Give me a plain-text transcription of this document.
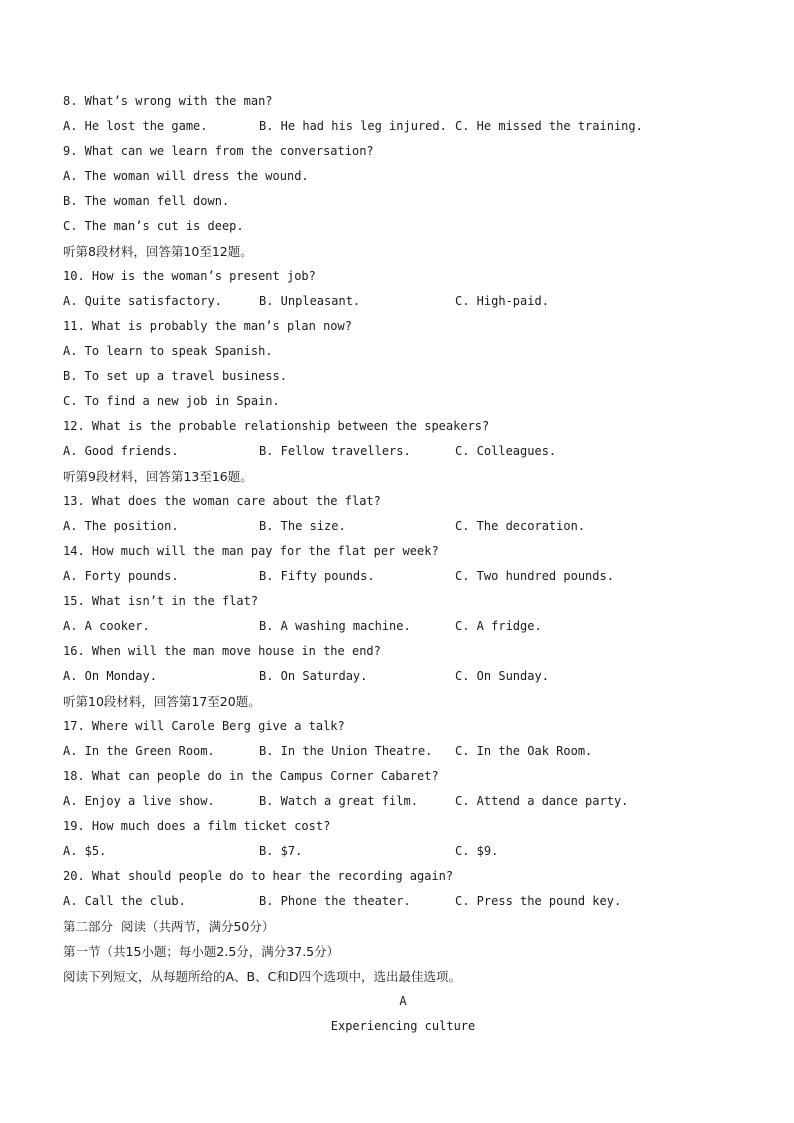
8. What’s wrong with the man?

A. He lost the game.

	B. He had his leg injured.

C. He missed the training.

9. What can we learn from the conversation?
A. The woman will dress the wound.
B. The woman fell down.
C. The man’s cut is deep.
听第8段材料，回答第10至12题。
10. How is the woman’s present job?

A. Quite satisfactory.

	B. Unpleasant.

	C. High-paid.

11. What is probably the man’s plan now?
A. To learn to speak Spanish.
B. To set up a travel business.
C. To find a new job in Spain.
12. What is the probable relationship between the speakers?

A. Good friends.

	B. Fellow travellers.

	C. Colleagues.

听第9段材料，回答第13至16题。
13. What does the woman care about the flat?

A. The position.

	B. The size.

	C. The decoration.

14. How much will the man pay for the flat per week?

A. Forty pounds.

	B. Fifty pounds.

	C. Two hundred pounds.

15. What isn’t in the flat?

A. A cooker.

	B. A washing machine.

	C. A fridge.

16. When will the man move house in the end?

A. On Monday.

	B. On Saturday.

	C. On Sunday.

听第10段材料，回答第17至20题。
17. Where will Carole Berg give a talk?

A. In the Green Room.

	B. In the Union Theatre.

C. In the Oak Room.

18. What can people do in the Campus Corner Cabaret?

A. Enjoy a live show.

	B. Watch a great film.

	C. Attend a dance party.

19. How much does a film ticket cost?

A. $5.

	B. $7.

	C. $9.

20. What should people do to hear the recording again?

A. Call the club.

	B. Phone the theater.

	C. Press the pound key.

第二部分  阅读（共两节，满分50分）
第一节（共15小题；每小题2.5分，满分37.5分）
阅读下列短文，从每题所给的A、B、C和D四个选项中，选出最佳选项。
A
Experiencing culture
